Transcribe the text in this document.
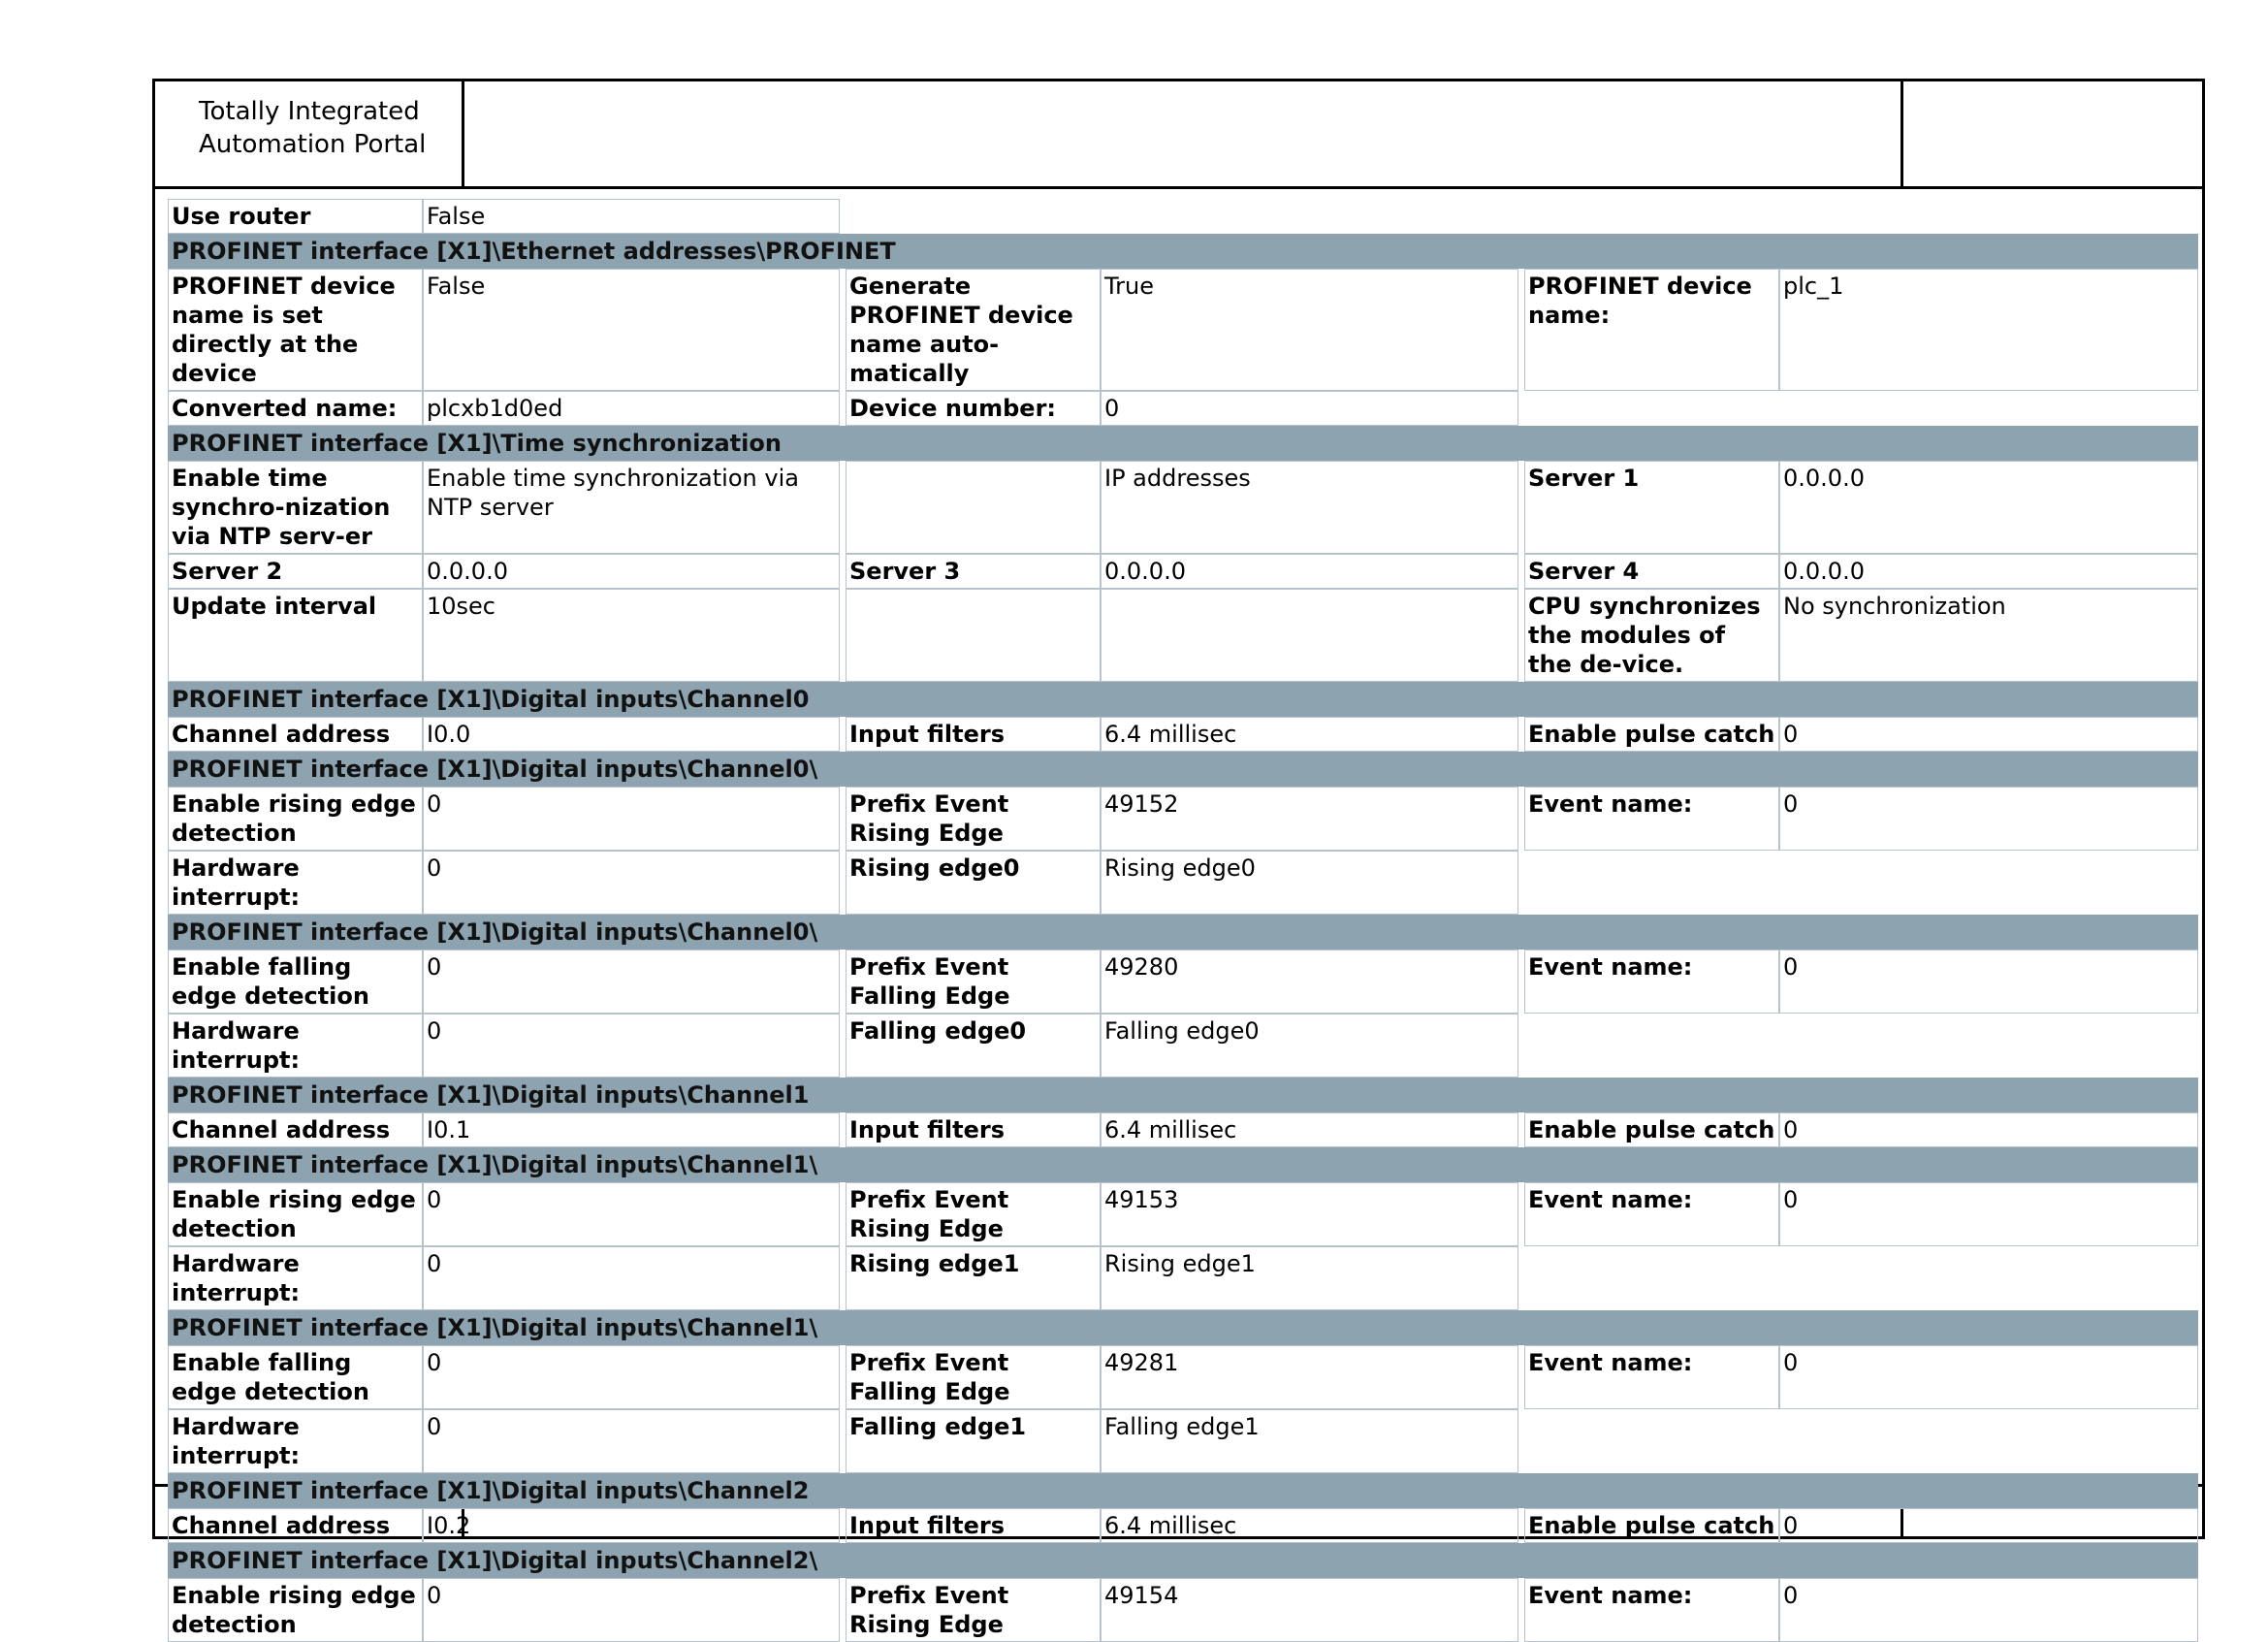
Totally Integrated
Automation Portal
Use router	False						
PROFINET interface [X1]\Ethernet addresses\PROFINET							
PROFINET device name is set directly at the device	False		Generate PROFINET device name auto-matically	True		PROFINET device name:	plc_1
Converted name:	plcxb1d0ed		Device number:	0			
PROFINET interface [X1]\Time synchronization							
Enable time synchro-nization via NTP serv-er	Enable time synchronization via NTP server			IP addresses		Server 1	0.0.0.0
Server 2	0.0.0.0		Server 3	0.0.0.0		Server 4	0.0.0.0
Update interval	10sec					CPU synchronizes the modules of the de-vice.	No synchronization
PROFINET interface [X1]\Digital inputs\Channel0							
Channel address	I0.0		Input filters	6.4 millisec		Enable pulse catch	0
PROFINET interface [X1]\Digital inputs\Channel0\							
Enable rising edge detection	0		Prefix Event Rising Edge	49152		Event name:	0
Hardware interrupt:	0		Rising edge0	Rising edge0			
PROFINET interface [X1]\Digital inputs\Channel0\							
Enable falling edge detection	0		Prefix Event Falling Edge	49280		Event name:	0
Hardware interrupt:	0		Falling edge0	Falling edge0			
PROFINET interface [X1]\Digital inputs\Channel1							
Channel address	I0.1		Input filters	6.4 millisec		Enable pulse catch	0
PROFINET interface [X1]\Digital inputs\Channel1\							
Enable rising edge detection	0		Prefix Event Rising Edge	49153		Event name:	0
Hardware interrupt:	0		Rising edge1	Rising edge1			
PROFINET interface [X1]\Digital inputs\Channel1\							
Enable falling edge detection	0		Prefix Event Falling Edge	49281		Event name:	0
Hardware interrupt:	0		Falling edge1	Falling edge1			
PROFINET interface [X1]\Digital inputs\Channel2							
Channel address	I0.2		Input filters	6.4 millisec		Enable pulse catch	0
PROFINET interface [X1]\Digital inputs\Channel2\							
Enable rising edge detection	0		Prefix Event Rising Edge	49154		Event name:	0
